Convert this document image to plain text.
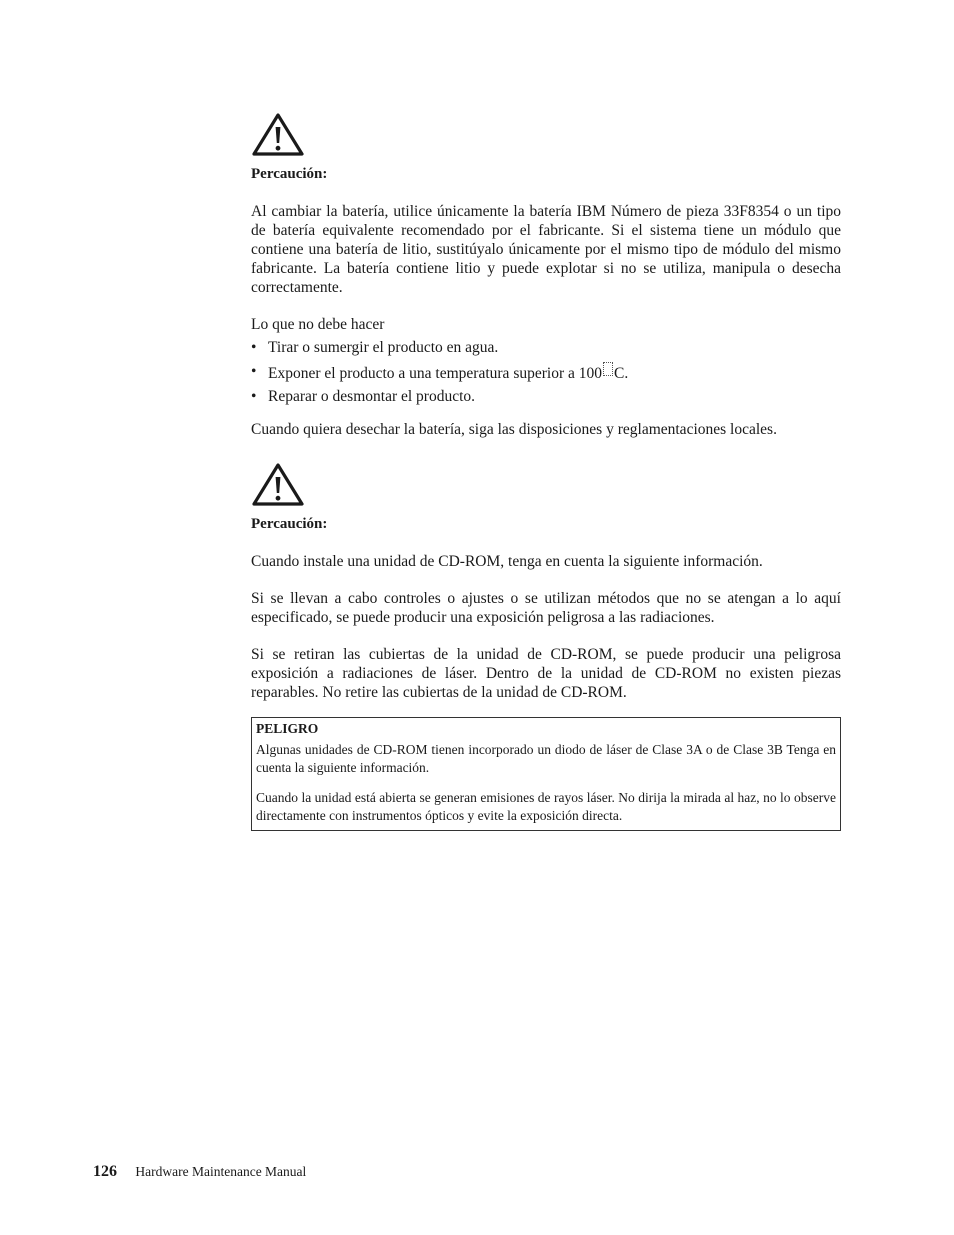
Percaución:

Al cambiar la batería, utilice únicamente la batería IBM Número de pieza 33F8354 o un tipo de batería equivalente recomendado por el fabricante. Si el sistema tiene un módulo que contiene una batería de litio, sustitúyalo únicamente por el mismo tipo de módulo del mismo fabricante. La batería contiene litio y puede explotar si no se utiliza, manipula o desecha correctamente.

Lo que no debe hacer

• Tirar o sumergir el producto en agua.
• Exponer el producto a una temperatura superior a 100 C.
• Reparar o desmontar el producto.

Cuando quiera desechar la batería, siga las disposiciones y reglamentaciones locales.

Percaución:

Cuando instale una unidad de CD-ROM, tenga en cuenta la siguiente información.

Si se llevan a cabo controles o ajustes o se utilizan métodos que no se atengan a lo aquí especificado, se puede producir una exposición peligrosa a las radiaciones.

Si se retiran las cubiertas de la unidad de CD-ROM, se puede producir una peligrosa exposición a radiaciones de láser. Dentro de la unidad de CD-ROM no existen piezas reparables. No retire las cubiertas de la unidad de CD-ROM.

PELIGRO

Algunas unidades de CD-ROM tienen incorporado un diodo de láser de Clase 3A o de Clase 3B Tenga en cuenta la siguiente información.

Cuando la unidad está abierta se generan emisiones de rayos láser. No dirija la mirada al haz, no lo observe directamente con instrumentos ópticos y evite la exposición directa.

126 Hardware Maintenance Manual
